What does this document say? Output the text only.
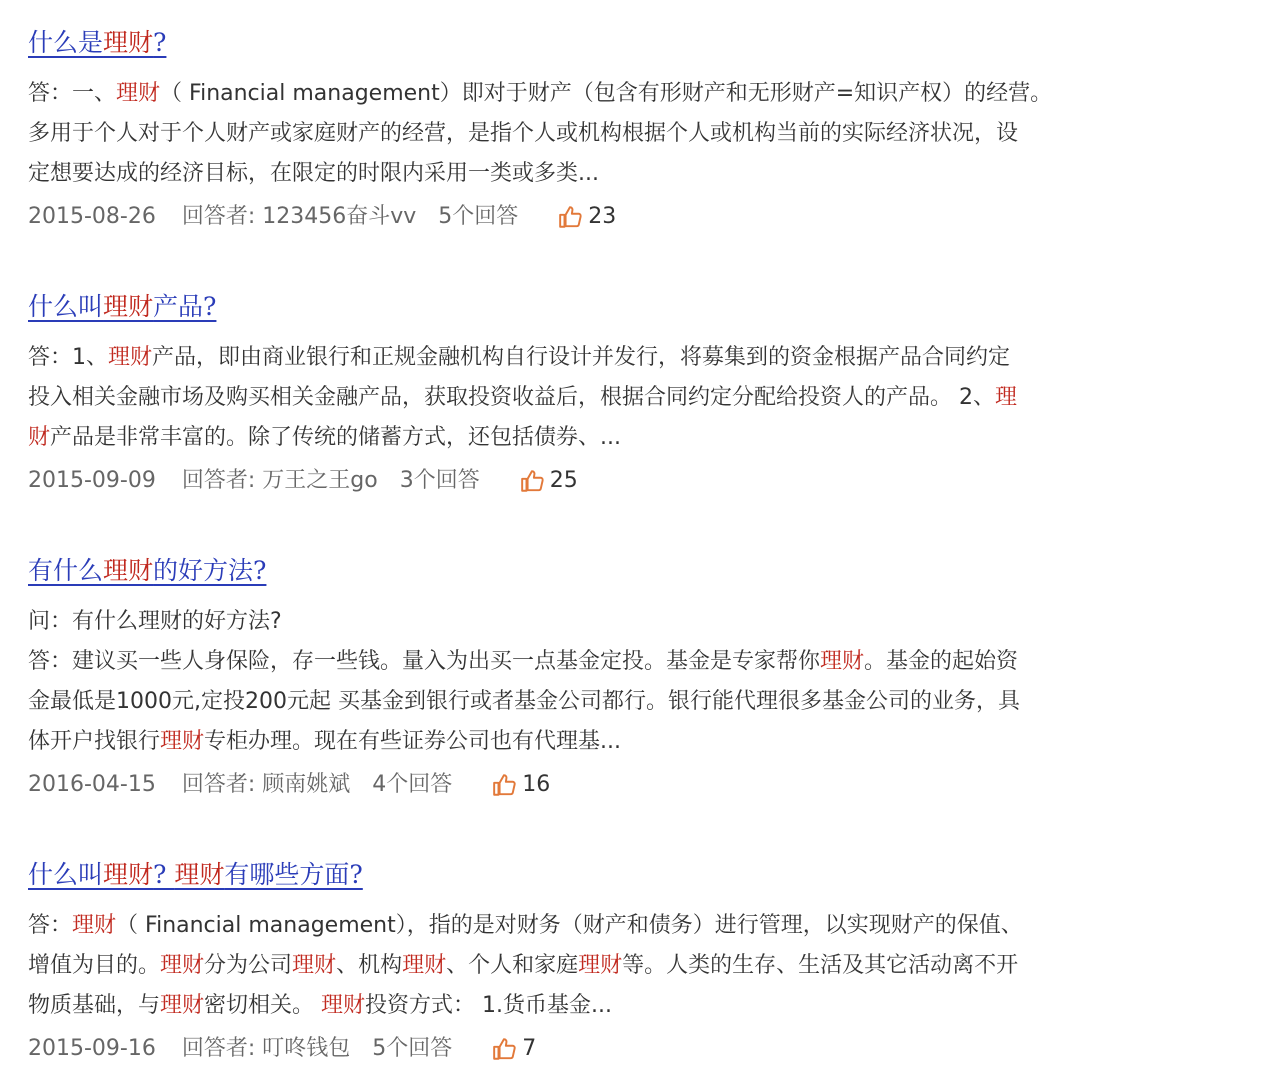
什么是理财?

答：一、理财（ Financial management）即对于财产（包含有形财产和无形财产=知识产权）的经营。

多用于个人对于个人财产或家庭财产的经营，是指个人或机构根据个人或机构当前的实际经济状况，设

定想要达成的经济目标，在限定的时限内采用一类或多类...

2015-08-26 回答者: 123456奋斗vv 5个回答	23
什么叫理财产品?

答：1、理财产品，即由商业银行和正规金融机构自行设计并发行，将募集到的资金根据产品合同约定

投入相关金融市场及购买相关金融产品，获取投资收益后，根据合同约定分配给投资人的产品。 2、理

财产品是非常丰富的。除了传统的储蓄方式，还包括债券、...

2015-09-09 回答者: 万王之王go 3个回答	25
有什么理财的好方法?

问：有什么理财的好方法?

答：建议买一些人身保险，存一些钱。量入为出买一点基金定投。基金是专家帮你理财。基金的起始资

金最低是1000元,定投200元起 买基金到银行或者基金公司都行。银行能代理很多基金公司的业务，具

体开户找银行理财专柜办理。现在有些证券公司也有代理基...

2016-04-15 回答者: 顾南姚斌 4个回答	16
什么叫理财? 理财有哪些方面?

答：理财（ Financial management），指的是对财务（财产和债务）进行管理，以实现财产的保值、

增值为目的。理财分为公司理财、机构理财、个人和家庭理财等。人类的生存、生活及其它活动离不开

物质基础，与理财密切相关。 理财投资方式： 1.货币基金...

2015-09-16 回答者: 叮咚钱包 5个回答	7
